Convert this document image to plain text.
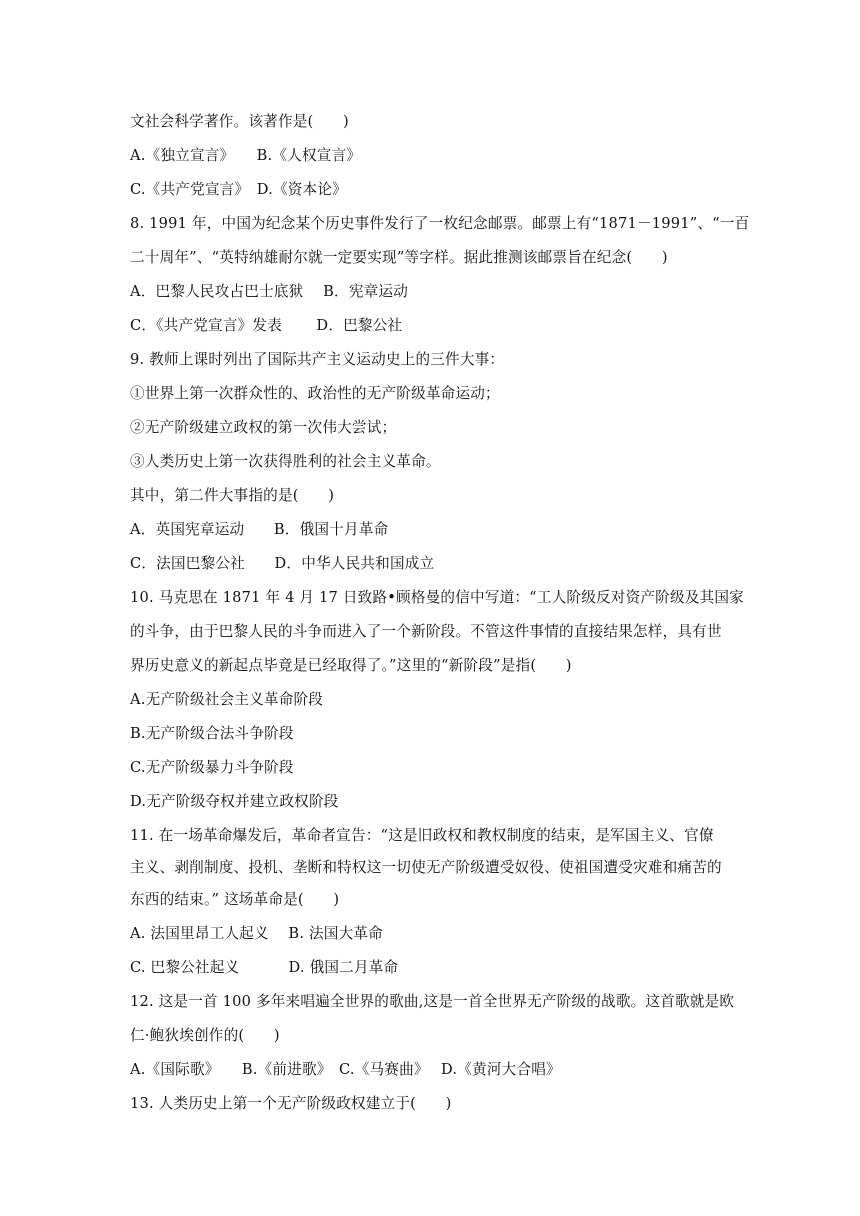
文社会科学著作。该著作是(　　)
A.《独立宣言》　　B.《人权宣言》
C.《共产党宣言》　D.《资本论》
8. 1991 年，中国为纪念某个历史事件发行了一枚纪念邮票。邮票上有“1871－1991”、“一百
二十周年”、“英特纳雄耐尔就一定要实现”等字样。据此推测该邮票旨在纪念(　　)
A．巴黎人民攻占巴士底狱　 B．宪章运动
C．《共产党宣言》发表　　 D．巴黎公社
9. 教师上课时列出了国际共产主义运动史上的三件大事：
①世界上第一次群众性的、政治性的无产阶级革命运动；
②无产阶级建立政权的第一次伟大尝试；
③人类历史上第一次获得胜利的社会主义革命。
其中，第二件大事指的是(　　)
A．英国宪章运动　　B．俄国十月革命
C．法国巴黎公社　　D．中华人民共和国成立
10. 马克思在 1871 年 4 月 17 日致路•顾格曼的信中写道：“工人阶级反对资产阶级及其国家
的斗争，由于巴黎人民的斗争而进入了一个新阶段。不管这件事情的直接结果怎样，具有世
界历史意义的新起点毕竟是已经取得了。”这里的“新阶段”是指(　　)
A.无产阶级社会主义革命阶段
B.无产阶级合法斗争阶段
C.无产阶级暴力斗争阶段
D.无产阶级夺权并建立政权阶段
11. 在一场革命爆发后，革命者宣告：“这是旧政权和教权制度的结束，是军国主义、官僚
主义、剥削制度、投机、垄断和特权这一切使无产阶级遭受奴役、使祖国遭受灾难和痛苦的
东西的结束。” 这场革命是(　　)
A. 法国里昂工人起义　 B. 法国大革命
C. 巴黎公社起义　　　 D. 俄国二月革命
12. 这是一首 100 多年来唱遍全世界的歌曲,这是一首全世界无产阶级的战歌。这首歌就是欧
仁·鲍狄埃创作的(　　)
A.《国际歌》　　B.《前进歌》　C.《马赛曲》　 D.《黄河大合唱》
13. 人类历史上第一个无产阶级政权建立于(　　)
